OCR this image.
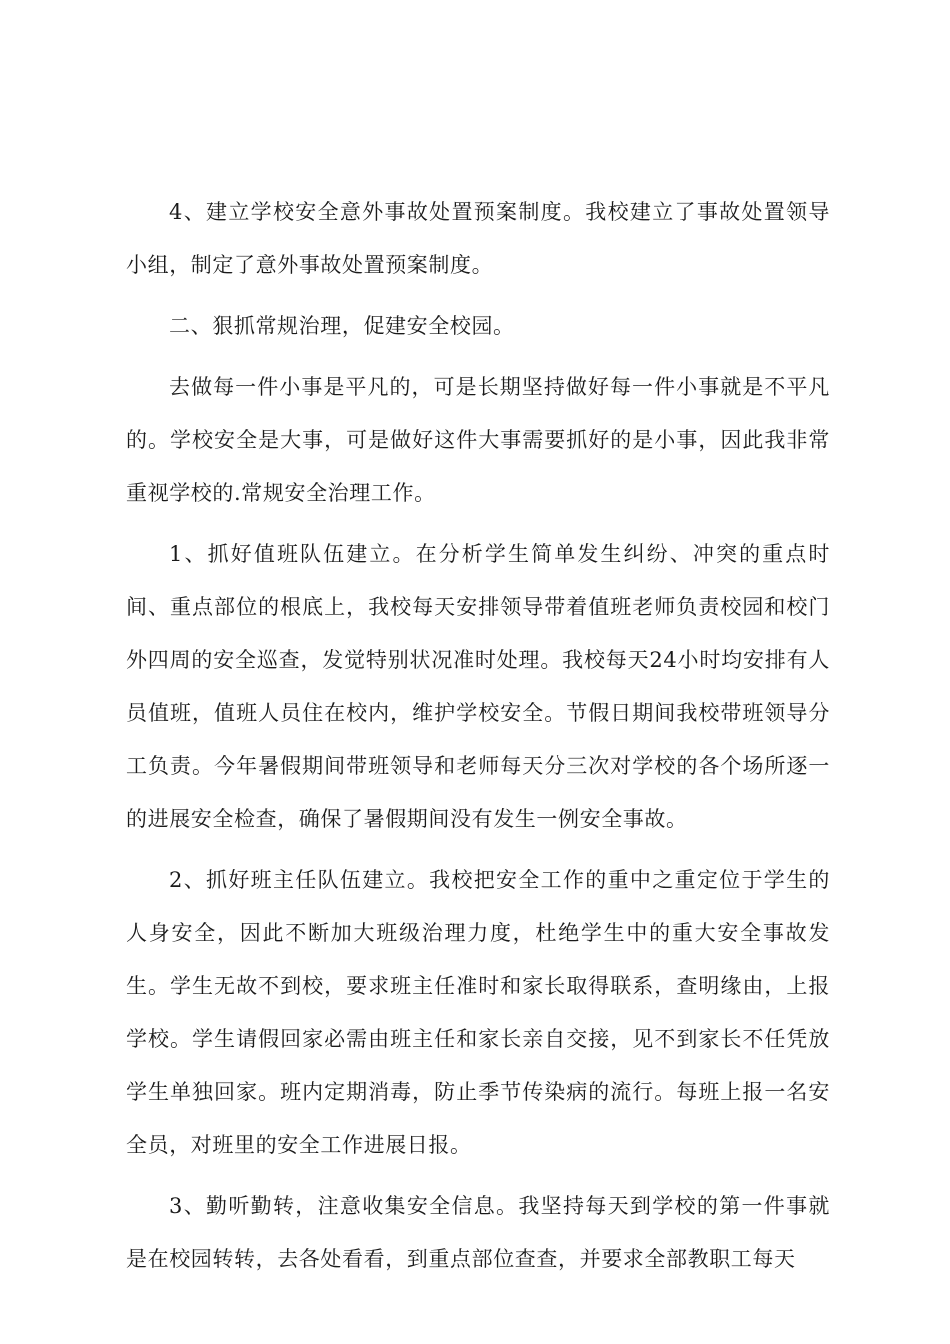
4、建立学校安全意外事故处置预案制度。我校建立了事故处置领导小组，制定了意外事故处置预案制度。

二、狠抓常规治理，促建安全校园。

去做每一件小事是平凡的，可是长期坚持做好每一件小事就是不平凡的。学校安全是大事，可是做好这件大事需要抓好的是小事，因此我非常重视学校的.常规安全治理工作。

1、抓好值班队伍建立。在分析学生简单发生纠纷、冲突的重点时间、重点部位的根底上，我校每天安排领导带着值班老师负责校园和校门外四周的安全巡查，发觉特别状况准时处理。我校每天24小时均安排有人员值班，值班人员住在校内，维护学校安全。节假日期间我校带班领导分工负责。今年暑假期间带班领导和老师每天分三次对学校的各个场所逐一的进展安全检查，确保了暑假期间没有发生一例安全事故。

2、抓好班主任队伍建立。我校把安全工作的重中之重定位于学生的人身安全，因此不断加大班级治理力度，杜绝学生中的重大安全事故发生。学生无故不到校，要求班主任准时和家长取得联系，查明缘由，上报学校。学生请假回家必需由班主任和家长亲自交接，见不到家长不任凭放学生单独回家。班内定期消毒，防止季节传染病的流行。每班上报一名安全员，对班里的安全工作进展日报。

3、勤听勤转，注意收集安全信息。我坚持每天到学校的第一件事就是在校园转转，去各处看看，到重点部位查查，并要求全部教职工每天
